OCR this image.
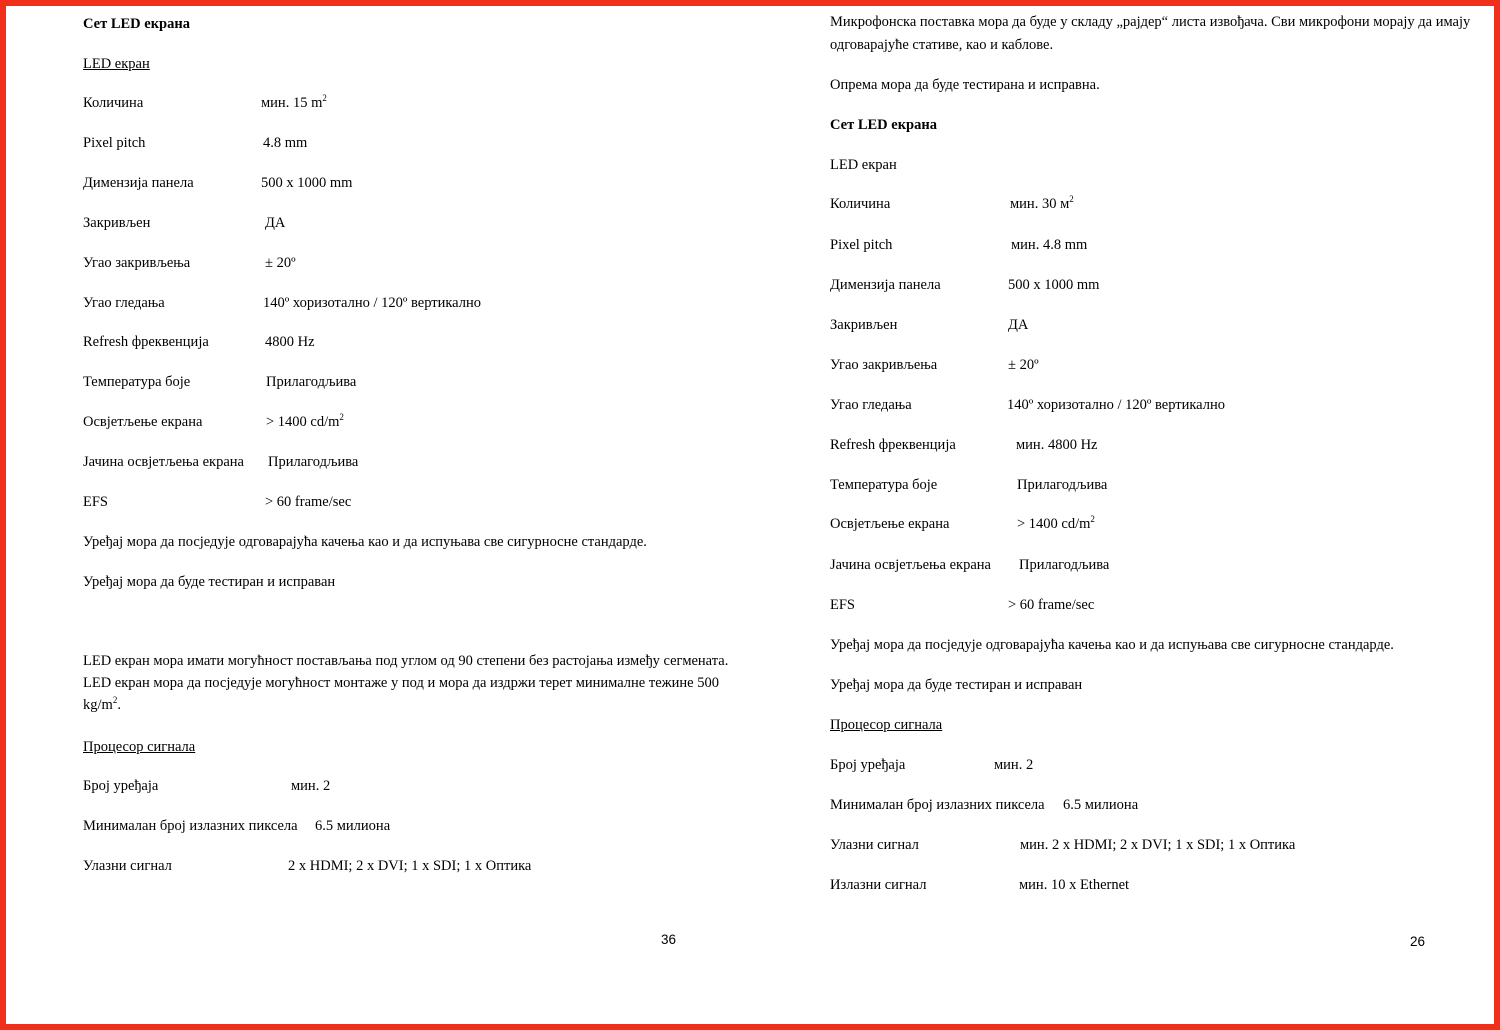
Сет LED екрана
LED екран
Количина	мин. 15 $m^2$
Pixel pitch	4.8 mm
Димензија панела	500 x 1000 mm
Закривљен	ДА
Угао закривљења	± 20º
Угао гледања	140º хоризотално / 120º вертикално
Refresh фреквенција	4800 Hz
Температура боје	Прилагодљива
Освјетљење екрана	> 1400 $cd/m^2$
Јачина освјетљења екрана Прилагодљива
EFS	> 60 frame/sec
Уређај мора да посједује одговарајућа качења као и да испуњава све сигурносне стандарде.
Уређај мора да буде тестиран и исправан
LED екран мора имати могућност постављања под углом од 90 степени без растојања између сегмената.
LED екран мора да посједује могућност монтаже у под и мора да издржи терет минималне тежине 500
$kg/m^2$.
Процесор сигнала
Број уређаја	мин. 2
Минималан број излазних пиксела 6.5 милиона
Улазни сигнал	2 x HDMI; 2 x DVI; 1 x SDI; 1 x Оптика
36
Микрофонска поставка мора да буде у складу „рајдер“ листа извођача. Сви микрофони морају да имају
одговарајуће стативе, као и каблове.
Опрема мора да буде тестирана и исправна.
Сет LED екрана
LED екран
Количина	мин. 30 $м^2$
Pixel pitch	мин. 4.8 mm
Димензија панела	500 x 1000 mm
Закривљен	ДА
Угао закривљења	± 20º
Угао гледања	140º хоризотално / 120º вертикално
Refresh фреквенција	мин. 4800 Hz
Температура боје	Прилагодљива
Освјетљење екрана	> 1400 $cd/m^2$
Јачина освјетљења екрана Прилагодљива
EFS	> 60 frame/sec
Уређај мора да посједује одговарајућа качења као и да испуњава све сигурносне стандарде.
Уређај мора да буде тестиран и исправан
Процесор сигнала
Број уређаја	мин. 2
Минималан број излазних пиксела 6.5 милиона
Улазни сигнал	мин. 2 x HDMI; 2 x DVI; 1 x SDI; 1 x Оптика
Излазни сигнал	мин. 10 x Ethernet
26
